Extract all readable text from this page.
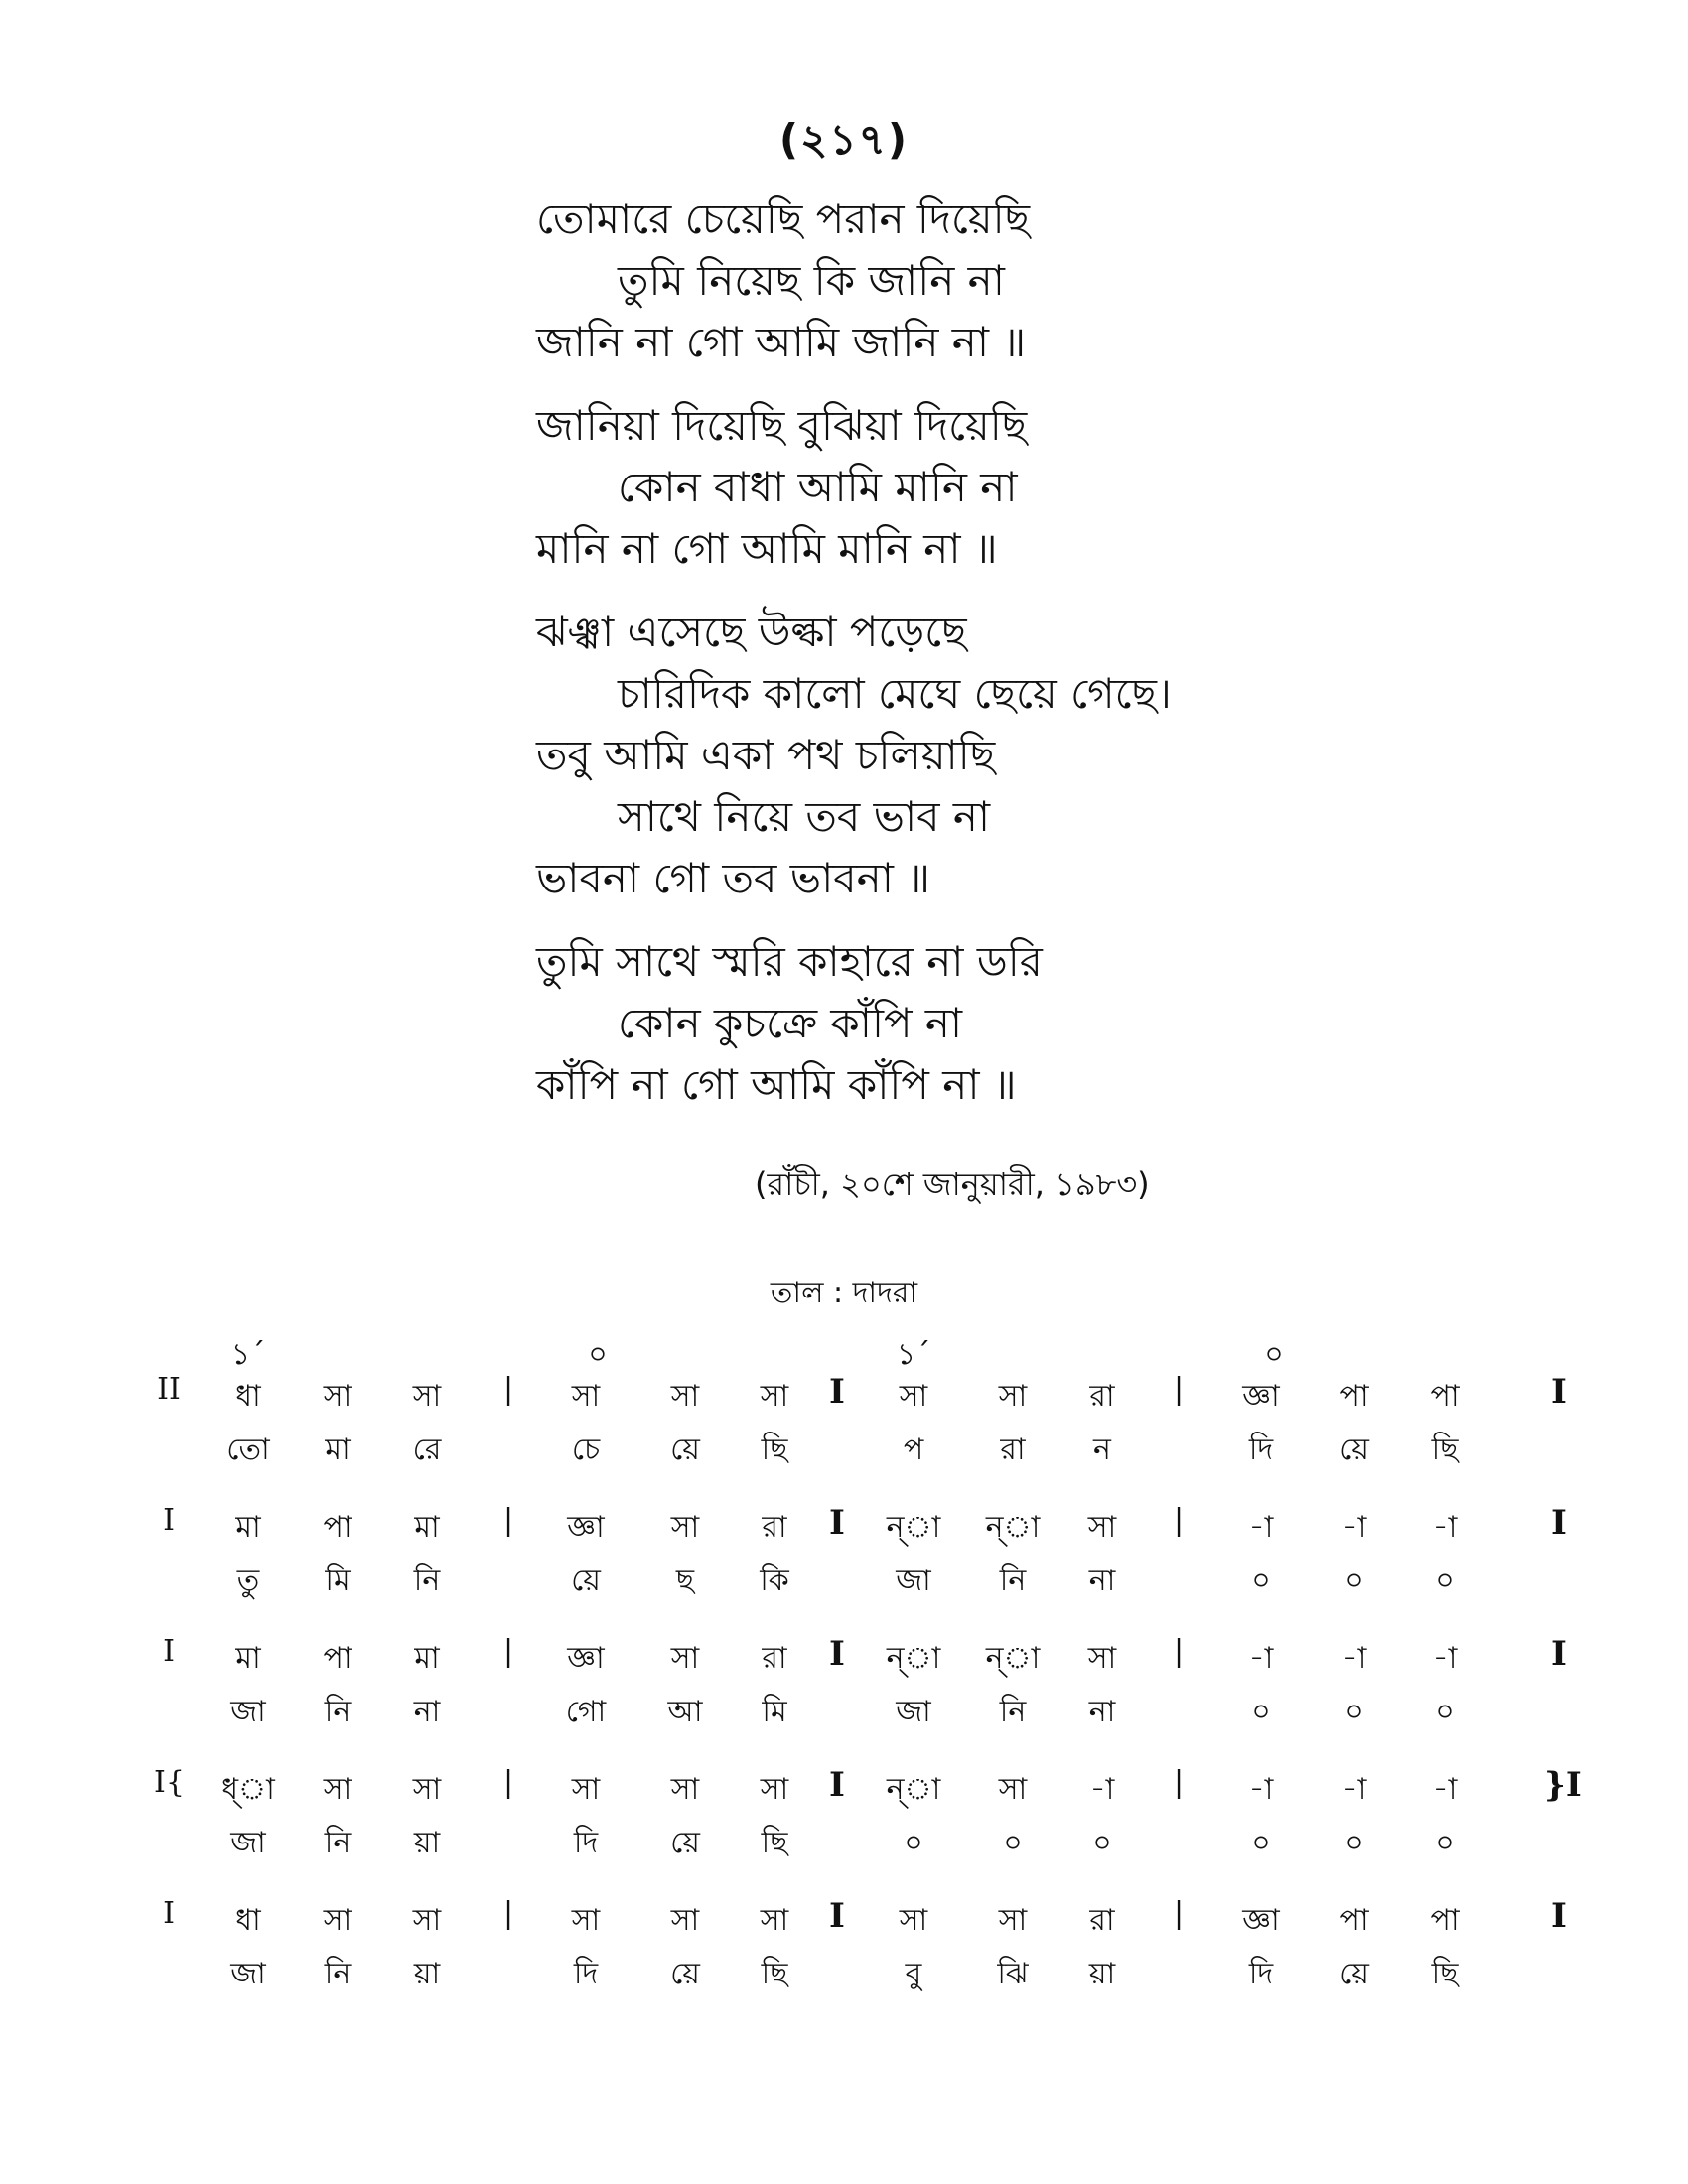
(২১৭)
তোমারে চেয়েছি পরান দিয়েছি
তুমি নিয়েছ কি জানি না
জানি না গো আমি জানি না ॥
জানিয়া দিয়েছি বুঝিয়া দিয়েছি
কোন বাধা আমি মানি না
মানি না গো আমি মানি না ॥
ঝঞ্ঝা এসেছে উল্কা পড়েছে
চারিদিক কালো মেঘে ছেয়ে গেছে।
তবু আমি একা পথ চলিয়াছি
সাথে নিয়ে তব ভাব না
ভাবনা গো তব ভাবনা ॥
তুমি সাথে স্মরি কাহারে না ডরি
কোন কুচক্রে কাঁপি না
কাঁপি না গো আমি কাঁপি না ॥
(রাঁচী, ২০শে জানুয়ারী, ১৯৮৩)
তাল : দাদরা
১´	০	১´	০
II	ধা	সা	সা	|	সা	সা	সা	I	সা	সা	রা	|	জ্ঞা	পা	পা	I
তো	মা	রে	চে	য়ে	ছি	প	রা	ন	দি	য়ে	ছি
I	মা	পা	মা	|	জ্ঞা	সা	রা	I	ন্া	ন্া	সা	|	-া	-া	-া	I
তু	মি	নি	য়ে	ছ	কি	জা	নি	না	০	০	০
I	মা	পা	মা	|	জ্ঞা	সা	রা	I	ন্া	ন্া	সা	|	-া	-া	-া	I
জা	নি	না	গো	আ	মি	জা	নি	না	০	০	০
I{	ধ্া	সা	সা	|	সা	সা	সা	I	ন্া	সা	-া	|	-া	-া	-া	}I
জা	নি	য়া	দি	য়ে	ছি	০	০	০	০	০	০
I	ধা	সা	সা	|	সা	সা	সা	I	সা	সা	রা	|	জ্ঞা	পা	পা	I
জা	নি	য়া	দি	য়ে	ছি	বু	ঝি	য়া	দি	য়ে	ছি
